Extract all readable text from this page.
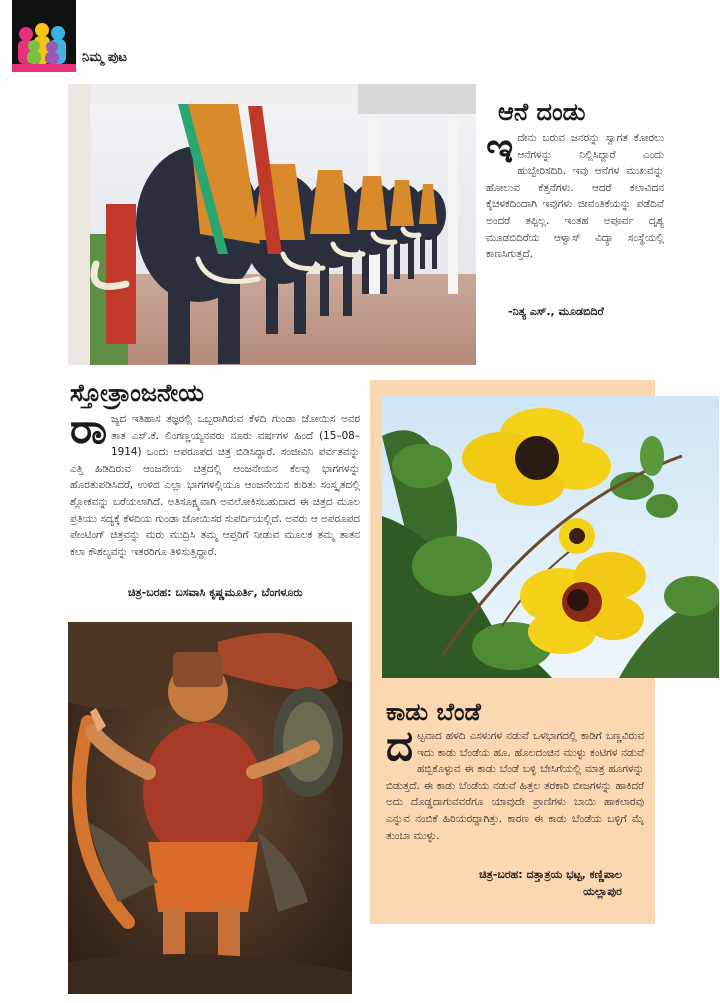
ನಿಮ್ಮ ಪುಟ
ಆನೆ ದಂಡು
ಇದೇನು ಬರುವ ಜನರನ್ನು ಸ್ವಾಗತ ಕೋರಲು ಆನೆಗಳನ್ನು ನಿಲ್ಲಿಸಿದ್ದಾರೆ ಎಂದು ಹುಬ್ಬೇರಿಸದಿರಿ. ಇವು ಆನೆಗಳ ಮುಖವನ್ನು ಹೋಲುವ ಕೆತ್ತನೆಗಳು. ಆದರೆ ಕಲಾವಿದನ ಕೈಚಳಕದಿಂದಾಗಿ ಇವುಗಳು ಜೀವಂತಿಕೆಯನ್ನು ಪಡೆದಿವೆ ಅಂದರೆ ತಪ್ಪಿಲ್ಲ. ಇಂತಹ ಅಪೂರ್ವ ದೃಶ್ಯ ಮೂಡಬಿದಿರೆಯ ಆಳ್ವಾಸ್ ವಿದ್ಯಾ ಸಂಸ್ಥೆಯಲ್ಲಿ ಕಾಣಸಿಗುತ್ತದೆ.
-ನಿತ್ಯ ಎಸ್., ಮೂಡಬಿದಿರೆ
ಸ್ತೋತ್ರಾಂಜನೇಯ
ರಾಜ್ಯದ ಇತಿಹಾಸ ತಜ್ಞರಲ್ಲಿ ಒಬ್ಬರಾಗಿರುವ ಕೆಳದಿ ಗುಂಡಾ ಜೋಯಿಸ ಅವರ ತಾತ ಎಸ್.ಕೆ. ಲಿಂಗಣ್ಣಯ್ಯನವರು ನೂರು ವರ್ಷಗಳ ಹಿಂದೆ (15–08–1914) ಒಂದು ಅಪರೂಪದ ಚಿತ್ರ ಬಿಡಿಸಿದ್ದಾರೆ. ಸಂಜೀವಿನಿ ಪರ್ವತವನ್ನು ಎತ್ತಿ ಹಿಡಿದಿರುವ ಆಂಜನೇಯ ಚಿತ್ರದಲ್ಲಿ ಆಂಜನೇಯನ ಕೆಲವು ಭಾಗಗಳನ್ನು ಹೊರತುಪಡಿಸಿದರೆ, ಉಳಿದ ಎಲ್ಲಾ ಭಾಗಗಳಲ್ಲಿಯೂ ಆಂಜನೇಯನ ಕುರಿತು ಸಂಸ್ಕೃತದಲ್ಲಿ ಶ್ಲೋಕವನ್ನು ಬರೆಯಲಾಗಿದೆ. ಅತಿಸೂಕ್ಷ್ಮವಾಗಿ ಅವಲೋಕಿಸಬಹುದಾದ ಈ ಚಿತ್ರದ ಮೂಲ ಪ್ರತಿಯು ಸದ್ಯಕ್ಕೆ ಕೆಳದಿಯ ಗುಂಡಾ ಜೋಯಿಸರ ಸುಪರ್ದಿಯಲ್ಲಿದೆ. ಅವರು ಆ ಅಪರೂಪದ ಪೇಂಟಿಂಗ್ ಚಿತ್ರವನ್ನು ಮರು ಮುದ್ರಿಸಿ ತಮ್ಮ ಆಪ್ತರಿಗೆ ನೀಡುವ ಮೂಲಕ ತಮ್ಮ ತಾತನ ಕಲಾ ಕೌಶಲ್ಯವನ್ನು ಇತರರಿಗೂ ತಿಳಿಸುತ್ತಿದ್ದಾರೆ.
ಚಿತ್ರ-ಬರಹ: ಬಸವಾಸಿ ಕೃಷ್ಣಮೂರ್ತಿ, ಬೆಂಗಳೂರು
ಕಾಡು ಬೆಂಡೆ
ದಟ್ಟವಾದ ಹಳದಿ ಎಸಳುಗಳ ನಡುವೆ ಒಳಭಾಗದಲ್ಲಿ ಕಾಡಿಗೆ ಬಣ್ಣವಿರುವ ಇದು ಕಾಡು ಬೆಂಡೆಯ ಹೂ. ಹೊಲದಂಚಿನ ಮುಳ್ಳು ಕಂಟಿಗಳ ನಡುವೆ ಹಬ್ಬಿಕೊಳ್ಳುವ ಈ ಕಾಡು ಬೆಂಡೆ ಬಳ್ಳಿ ಬೇಸಿಗೆಯಲ್ಲಿ ಮಾತ್ರ ಹೂಗಳನ್ನು ಬಿಡುತ್ತದೆ. ಈ ಕಾಡು ಬೆಂಡೆಯ ನಡುವೆ ಹಿತ್ತಲ ತರಕಾರಿ ಬೀಜಗಳನ್ನು ಹಾಕಿದರೆ ಅದು ದೊಡ್ಡದಾಗುವವರೆಗೂ ಯಾವುದೇ ಪ್ರಾಣಿಗಳು ಬಾಯಿ ಹಾಕಲಾರವು ಎನ್ನುವ ನಂಬಿಕೆ ಹಿರಿಯರದ್ದಾಗಿತ್ತು. ಕಾರಣ ಈ ಕಾಡು ಬೆಂಡೆಯ ಬಳ್ಳಿಗೆ ಮೈ ತುಂಬಾ ಮುಳ್ಳು.
ಚಿತ್ರ-ಬರಹ: ದತ್ತಾತ್ರಯ ಭಟ್ಟ, ಕಣ್ಣಿಪಾಲ
ಯಲ್ಲಾಪುರ
